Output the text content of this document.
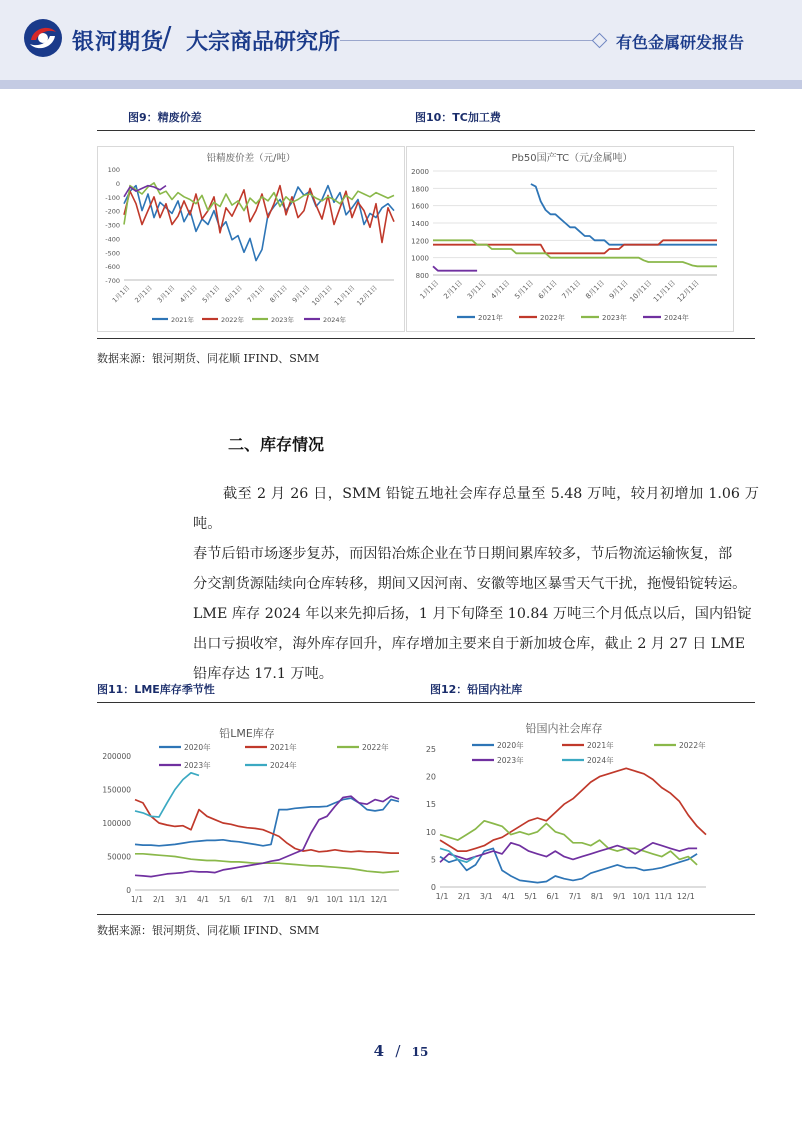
银河期货
/ 大宗商品研究所	有色金属研发报告
图9：精废价差	图10：TC加工费
铅精废价差（元/吨）
100
0
-100
-200
-300
-400
-500
-600
-700
1月1日 2月1日 3月1日 4月1日 5月1日 6月1日 7月1日 8月1日 9月1日
10月1日
11月1日
12月1日
2021年	2022年	2023年	2024年
Pb50国产TC（元/金属吨）
2000
1800
1600
1400
1200
1000
800
1月1日 2月1日 3月1日 4月1日 5月1日 6月1日 7月1日 8月1日 9月1日
10月1日
11月1日
12月1日
2021年	2022年	2023年	2024年
数据来源：银河期货、同花顺 IFIND、SMM
二、库存情况
截至 2 月 26 日，SMM 铅锭五地社会库存总量至 5.48 万吨，较月初增加 1.06 万吨。
春节后铅市场逐步复苏，而因铅冶炼企业在节日期间累库较多，节后物流运输恢复，部
分交割货源陆续向仓库转移，期间又因河南、安徽等地区暴雪天气干扰，拖慢铅锭转运。
LME 库存 2024 年以来先抑后扬，1 月下旬降至 10.84 万吨三个月低点以后，国内铅锭
出口亏损收窄，海外库存回升，库存增加主要来自于新加坡仓库，截止 2 月 27 日 LME
铅库存达 17.1 万吨。
图11：LME库存季节性	图12：铅国内社库
铅LME库存
200000
150000
100000
50000
0
1/1 2/1 3/1 4/1 5/1 6/1 7/1 8/1 9/1 10/1 11/1 12/1
2020年	2021年	2022年
2023年	2024年
铅国内社会库存
25
20
15
10
5
0
1/1 2/1 3/1 4/1 5/1 6/1 7/1 8/1 9/1 10/1 11/1 12/1
2020年	2021年	2022年
2023年	2024年
数据来源：银河期货、同花顺 IFIND、SMM
4 / 15
